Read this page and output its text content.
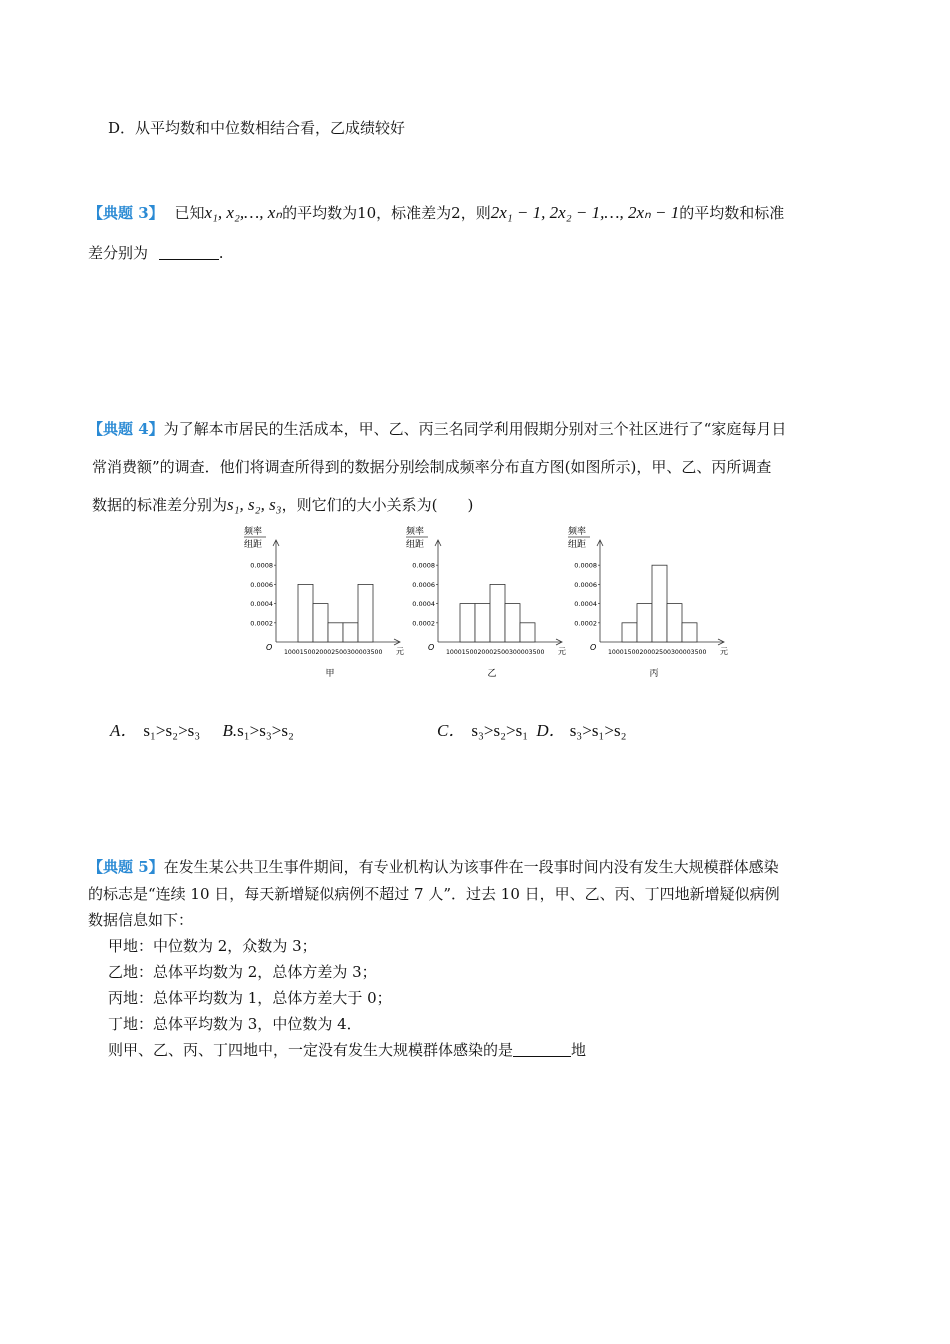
D．从平均数和中位数相结合看，乙成绩较好
【典题 3】 已知x₁, x₂,…, xₙ的平均数为10，标准差为2，则2x₁ − 1, 2x₂ − 1,…, 2xₙ − 1的平均数和标准
差分别为	.
【典题 4】为了解本市居民的生活成本，甲、乙、丙三名同学利用假期分别对三个社区进行了“家庭每月日
常消费额”的调查．他们将调查所得到的数据分别绘制成频率分布直方图(如图所示)，甲、乙、丙所调查
数据的标准差分别为s₁, s₂, s₃，则它们的大小关系为(　　)
频率
组距
0.0002
0.0004
0.0006
0.0008
O
1000150020002500300003500 元
甲
频率
组距
0.0002
0.0004
0.0006
0.0008
O
1000150020002500300003500 元
乙
频率
组距
0.0002
0.0004
0.0006
0.0008
O
1000150020002500300003500 元
丙
A． s₁>s₂>s₃ B.s₁>s₃>s₂	C． s₃>s₂>s₁ D． s₃>s₁>s₂
【典题 5】在发生某公共卫生事件期间，有专业机构认为该事件在一段事时间内没有发生大规模群体感染
的标志是“连续 10 日，每天新增疑似病例不超过 7 人”．过去 10 日，甲、乙、丙、丁四地新增疑似病例
数据信息如下：
甲地：中位数为 2，众数为 3；
乙地：总体平均数为 2，总体方差为 3；
丙地：总体平均数为 1，总体方差大于 0；
丁地：总体平均数为 3，中位数为 4．
则甲、乙、丙、丁四地中，一定没有发生大规模群体感染的是	地
